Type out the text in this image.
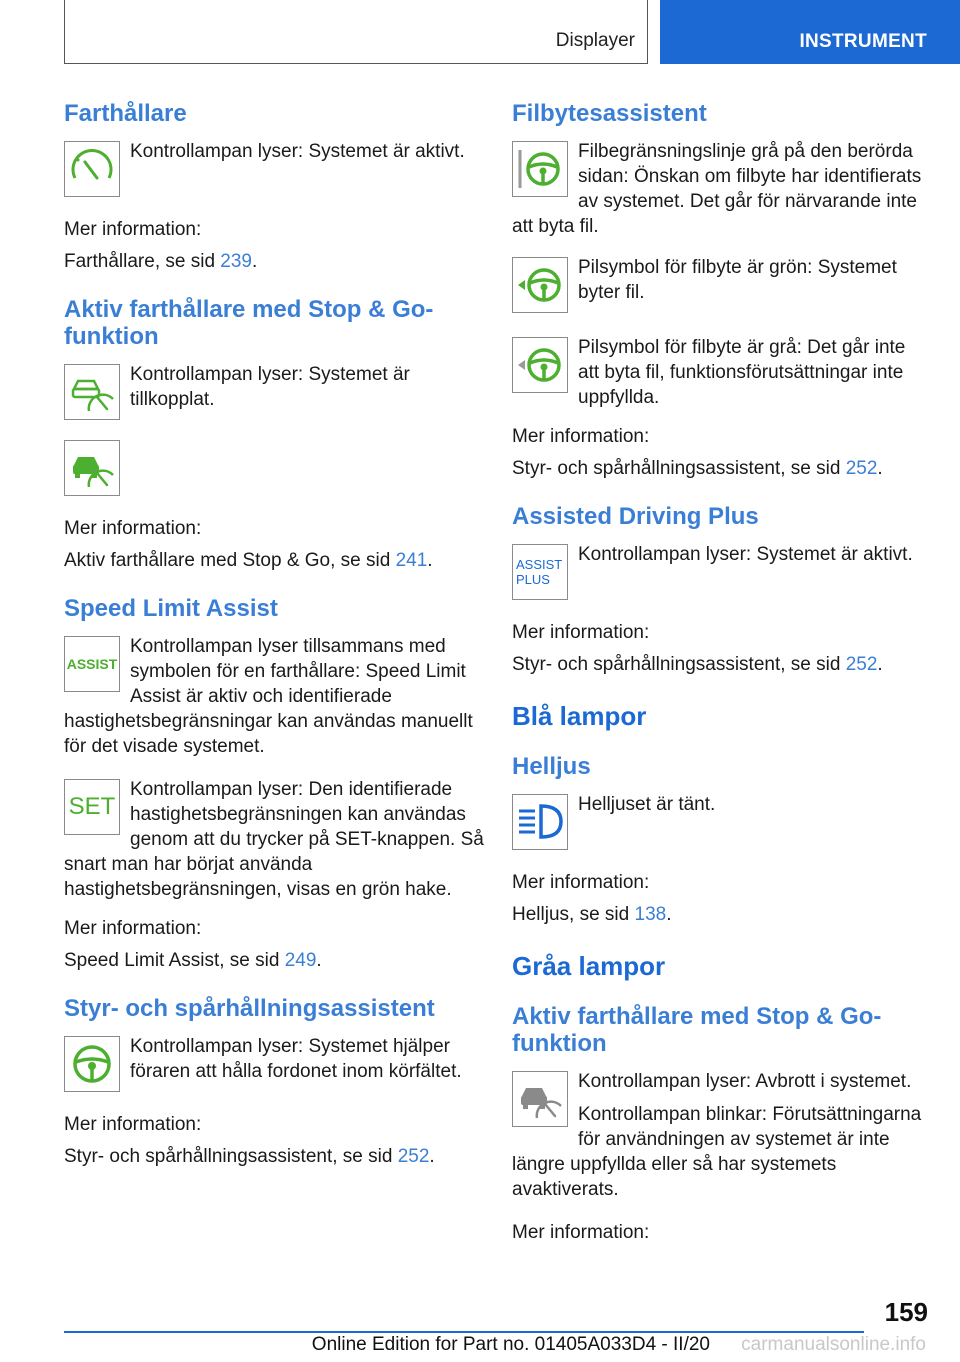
Displayer	INSTRUMENT
Farthållare
Kontrollampan lyser: Systemet är aktivt.

Mer information:

Farthållare, se sid 239.

Aktiv farthållare med Stop & Go-funktion
Kontrollampan lyser: Systemet är tillkopplat.

Mer information:

Aktiv farthållare med Stop & Go, se sid 241.

Speed Limit Assist
ASSIST
Kontrollampan lyser tillsammans med symbolen för en farthållare: Speed Limit Assist är aktiv och identifierade hastighetsbegränsningar kan användas manuellt för det visade systemet.
SET
Kontrollampan lyser: Den identifierade hastighetsbegränsningen kan användas genom att du trycker på SET-knappen. Så snart man har börjat använda hastighetsbegränsningen, visas en grön hake.

Mer information:

Speed Limit Assist, se sid 249.

Styr- och spårhållningsassistent
Kontrollampan lyser: Systemet hjälper föraren att hålla fordonet inom körfältet.

Mer information:

Styr- och spårhållningsassistent, se sid 252.

Filbytesassistent
Filbegränsningslinje grå på den berörda sidan: Önskan om filbyte har identifierats av systemet. Det går för närvarande inte att byta fil.
Pilsymbol för filbyte är grön: Systemet byter fil.
Pilsymbol för filbyte är grå: Det går inte att byta fil, funktionsförutsättningar inte uppfyllda.

Mer information:

Styr- och spårhållningsassistent, se sid 252.

Assisted Driving Plus
ASSIST
PLUS
Kontrollampan lyser: Systemet är aktivt.

Mer information:

Styr- och spårhållningsassistent, se sid 252.

Blå lampor
Helljus
Helljuset är tänt.

Mer information:

Helljus, se sid 138.

Gråa lampor
Aktiv farthållare med Stop & Go-funktion
Kontrollampan lyser: Avbrott i systemet.
Kontrollampan blinkar: Förutsättningarna för användningen av systemet är inte längre uppfyllda eller så har systemets avaktiverats.

Mer information:

159
Online Edition for Part no. 01405A033D4 - II/20 carmanualsonline.info
